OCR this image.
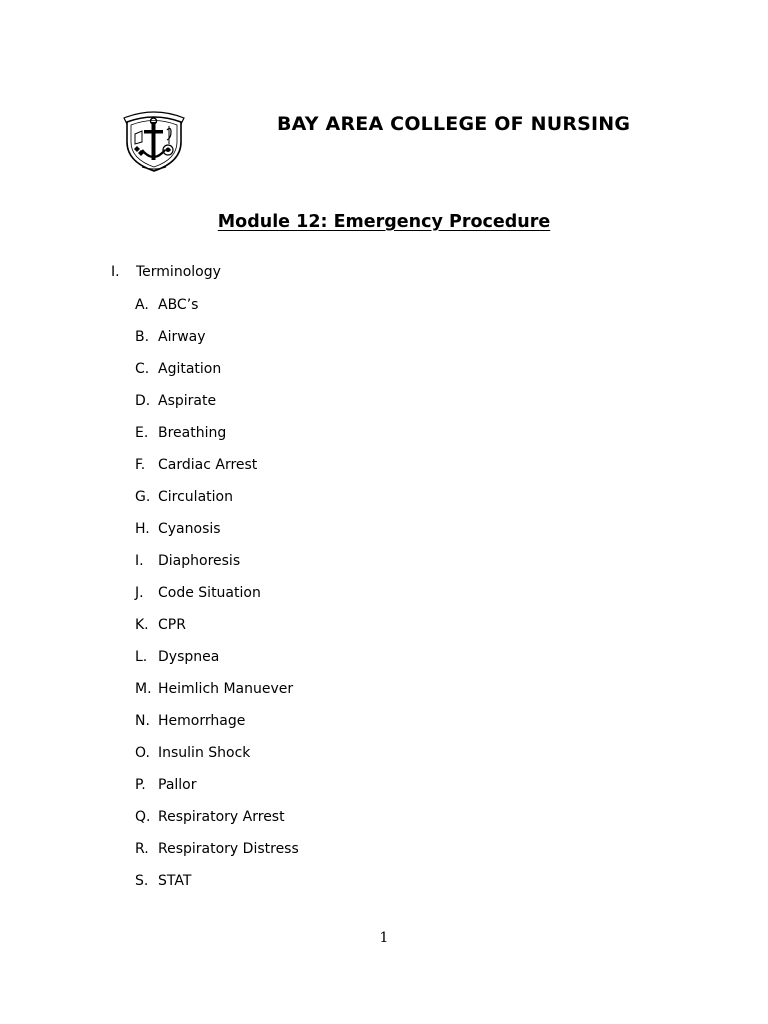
BAY AREA COLLEGE OF NURSING
Module 12: Emergency Procedure
I. Terminology
A. ABC’s
B. Airway
C. Agitation
D. Aspirate
E. Breathing
F. Cardiac Arrest
G. Circulation
H. Cyanosis
I. Diaphoresis
J. Code Situation
K. CPR
L. Dyspnea
M. Heimlich Manuever
N. Hemorrhage
O. Insulin Shock
P. Pallor
Q. Respiratory Arrest
R. Respiratory Distress
S. STAT
1
